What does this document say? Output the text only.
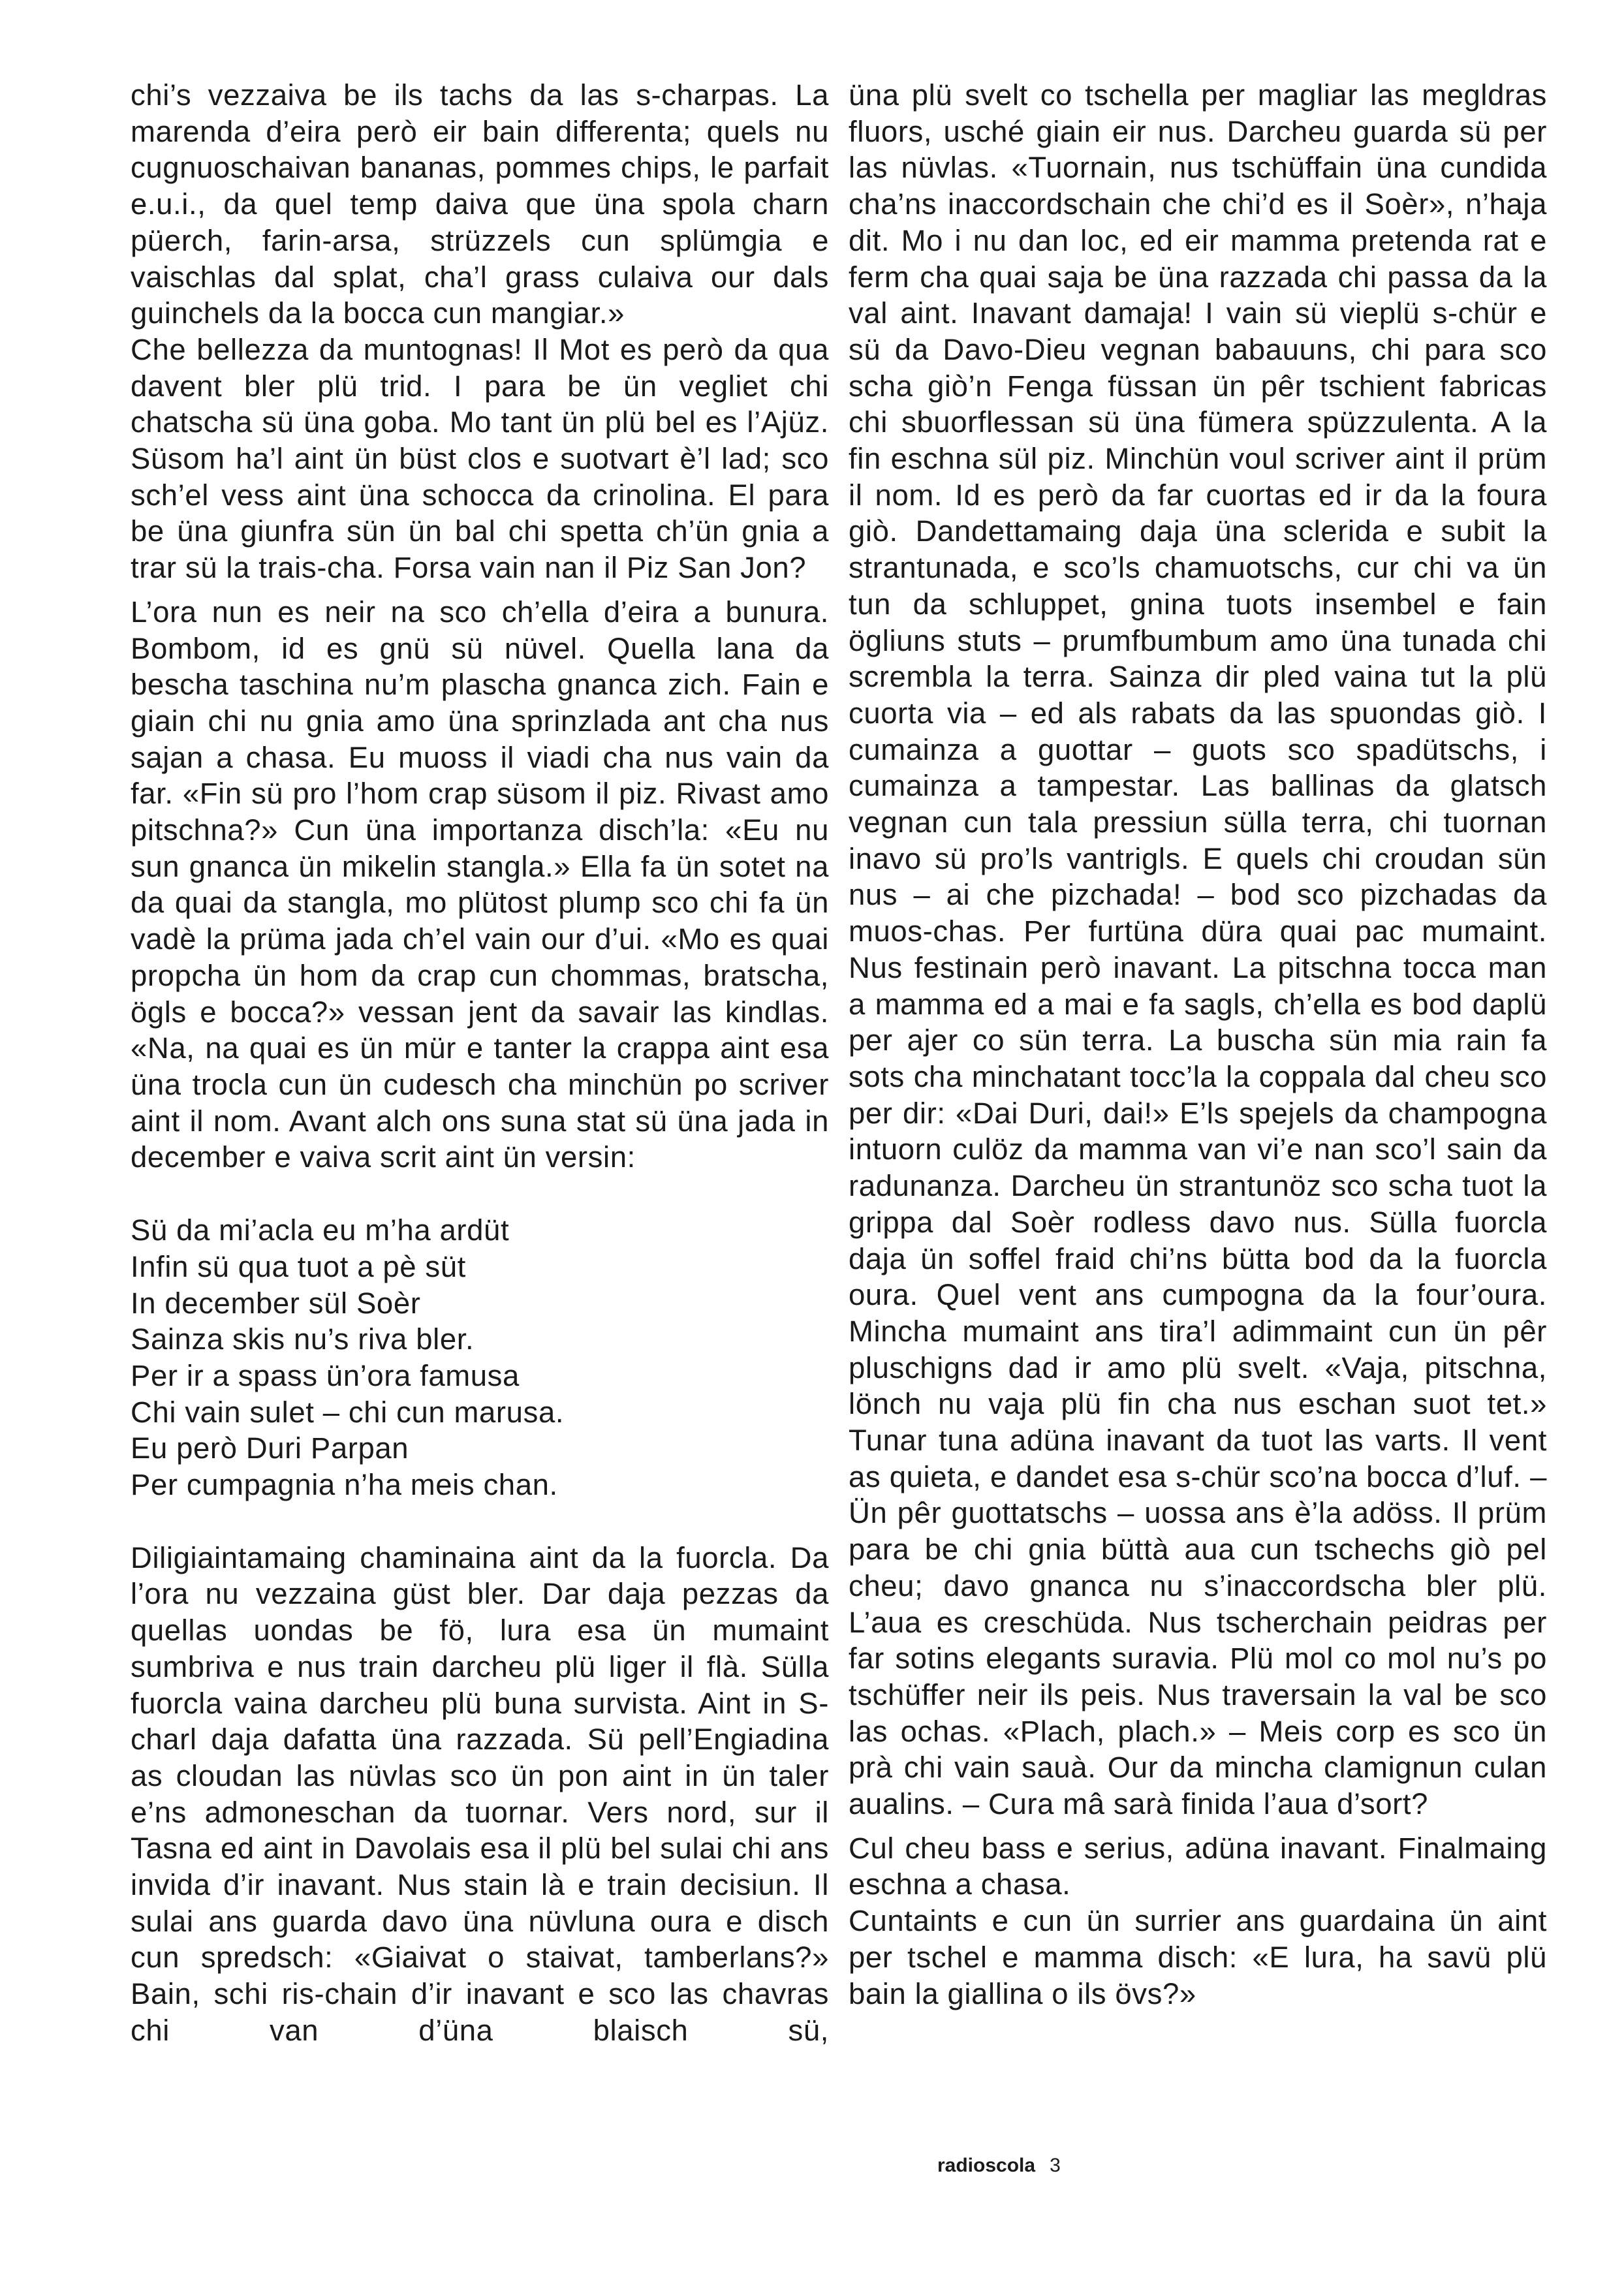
chi’s vezzaiva be ils tachs da las s-charpas. La marenda d’eira però eir bain differenta; quels nu cugnuoschaivan bananas, pommes chips, le parfait e.u.i., da quel temp daiva que üna spola charn püerch, farin-arsa, strüzzels cun splümgia e vaischlas dal splat, cha’l grass culaiva our dals guinchels da la bocca cun mangiar.»

Che bellezza da muntognas! Il Mot es però da qua davent bler plü trid. I para be ün vegliet chi chatscha sü üna goba. Mo tant ün plü bel es l’Ajüz. Süsom ha’l aint ün büst clos e suotvart è’l lad; sco sch’el vess aint üna schocca da crinolina. El para be üna giunfra sün ün bal chi spetta ch’ün gnia a trar sü la trais-cha. Forsa vain nan il Piz San Jon?

L’ora nun es neir na sco ch’ella d’eira a bunura. Bombom, id es gnü sü nüvel. Quella lana da bescha taschina nu’m plascha gnanca zich. Fain e giain chi nu gnia amo üna sprinzlada ant cha nus sajan a chasa. Eu muoss il viadi cha nus vain da far. «Fin sü pro l’hom crap süsom il piz. Rivast amo pitschna?» Cun üna importanza disch’la: «Eu nu sun gnanca ün mikelin stangla.» Ella fa ün sotet na da quai da stangla, mo plütost plump sco chi fa ün vadè la prüma jada ch’el vain our d’ui. «Mo es quai propcha ün hom da crap cun chommas, bratscha, ögls e bocca?» vessan jent da savair las kindlas. «Na, na quai es ün mür e tanter la crappa aint esa üna trocla cun ün cudesch cha minchün po scriver aint il nom. Avant alch ons suna stat sü üna jada in december e vaiva scrit aint ün versin:

Sü da mi’acla eu m’ha ardüt
Infin sü qua tuot a pè süt
In december sül Soèr
Sainza skis nu’s riva bler.
Per ir a spass ün’ora famusa
Chi vain sulet – chi cun marusa.
Eu però Duri Parpan
Per cumpagnia n’ha meis chan.

Diligiaintamaing chaminaina aint da la fuorcla. Da l’ora nu vezzaina güst bler. Dar daja pezzas da quellas uondas be fö, lura esa ün mumaint sumbriva e nus train darcheu plü liger il flà. Sülla fuorcla vaina darcheu plü buna survista. Aint in S-charl daja dafatta üna razzada. Sü pell’Engiadina as cloudan las nüvlas sco ün pon aint in ün taler e’ns admoneschan da tuornar. Vers nord, sur il Tasna ed aint in Davolais esa il plü bel sulai chi ans invida d’ir inavant. Nus stain là e train decisiun. Il sulai ans guarda davo üna nüvluna oura e disch cun spredsch: «Giaivat o staivat, tamberlans?» Bain, schi ris-chain d’ir inavant e sco las chavras chi van d’üna blaisch sü,

üna plü svelt co tschella per magliar las megldras fluors, usché giain eir nus. Darcheu guarda sü per las nüvlas. «Tuornain, nus tschüffain üna cundida cha’ns inaccordschain che chi’d es il Soèr», n’haja dit. Mo i nu dan loc, ed eir mamma pretenda rat e ferm cha quai saja be üna razzada chi passa da la val aint. Inavant damaja! I vain sü vieplü s-chür e sü da Davo-Dieu vegnan babauuns, chi para sco scha giò’n Fenga füssan ün pêr tschient fabricas chi sbuorflessan sü üna fümera spüzzulenta. A la fin eschna sül piz. Minchün voul scriver aint il prüm il nom. Id es però da far cuortas ed ir da la foura giò. Dandettamaing daja üna sclerida e subit la strantunada, e sco’ls chamuotschs, cur chi va ün tun da schluppet, gnina tuots insembel e fain ögliuns stuts – prumfbumbum amo üna tunada chi scrembla la terra. Sainza dir pled vaina tut la plü cuorta via – ed als rabats da las spuondas giò. I cumainza a guottar – guots sco spadütschs, i cumainza a tampestar. Las ballinas da glatsch vegnan cun tala pressiun sülla terra, chi tuornan inavo sü pro’ls vantrigls. E quels chi croudan sün nus – ai che pizchada! – bod sco pizchadas da muos-chas. Per furtüna düra quai pac mumaint. Nus festinain però inavant. La pitschna tocca man a mamma ed a mai e fa sagls, ch’ella es bod daplü per ajer co sün terra. La buscha sün mia rain fa sots cha minchatant tocc’la la coppala dal cheu sco per dir: «Dai Duri, dai!» E’ls spejels da champogna intuorn culöz da mamma van vi’e nan sco’l sain da radunanza. Darcheu ün strantunöz sco scha tuot la grippa dal Soèr rodless davo nus. Sülla fuorcla daja ün soffel fraid chi’ns bütta bod da la fuorcla oura. Quel vent ans cumpogna da la four’oura. Mincha mumaint ans tira’l adimmaint cun ün pêr pluschigns dad ir amo plü svelt. «Vaja, pitschna, lönch nu vaja plü fin cha nus eschan suot tet.» Tunar tuna adüna inavant da tuot las varts. Il vent as quieta, e dandet esa s-chür sco’na bocca d’luf. – Ün pêr guottatschs – uossa ans è’la adöss. Il prüm para be chi gnia büttà aua cun tschechs giò pel cheu; davo gnanca nu s’inaccordscha bler plü. L’aua es creschüda. Nus tscherchain peidras per far sotins elegants suravia. Plü mol co mol nu’s po tschüffer neir ils peis. Nus traversain la val be sco las ochas. «Plach, plach.» – Meis corp es sco ün prà chi vain sauà. Our da mincha clamignun culan aualins. – Cura mâ sarà finida l’aua d’sort?

Cul cheu bass e serius, adüna inavant. Finalmaing eschna a chasa.

Cuntaints e cun ün surrier ans guardaina ün aint per tschel e mamma disch: «E lura, ha savü plü bain la giallina o ils övs?»

radioscola 3
